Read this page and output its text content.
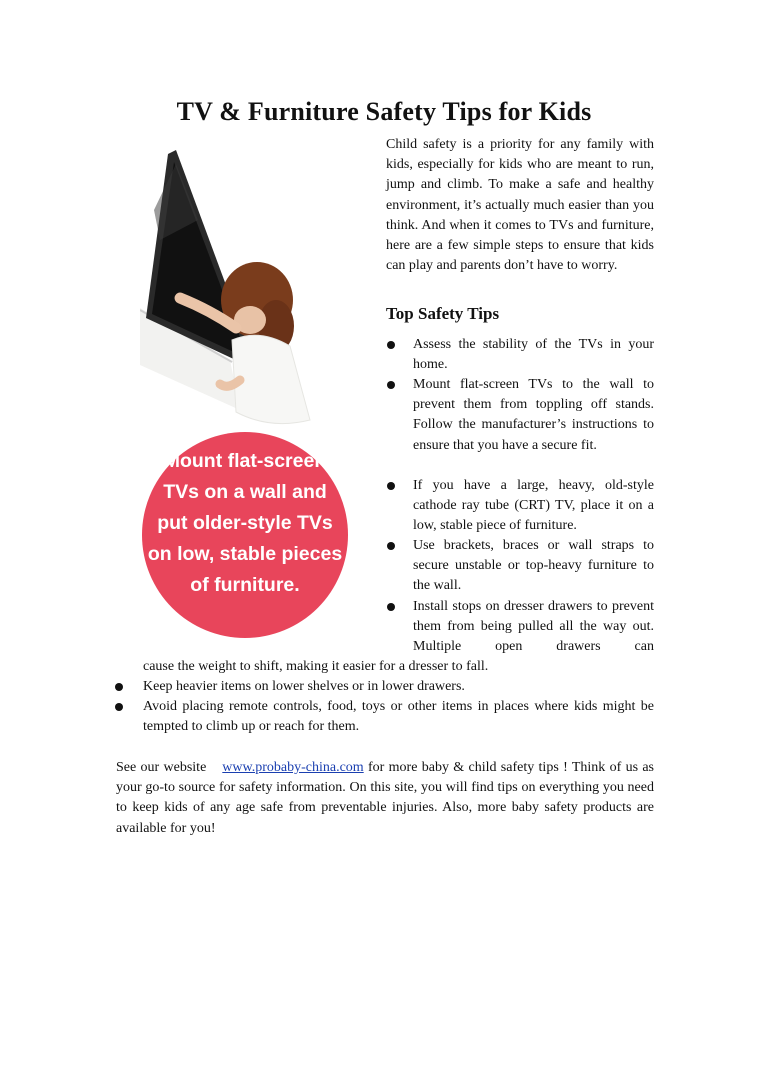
TV & Furniture Safety Tips for Kids
Mount flat-screen
TVs on a wall and
put older-style TVs
on low, stable pieces
of furniture.

Child safety is a priority for any family with kids, especially for kids who are meant to run, jump and climb. To make a safe and healthy environment, it’s actually much easier than you think. And when it comes to TVs and furniture, here are a few simple steps to ensure that kids can play and parents don’t have to worry.

Top Safety Tips
Assess the stability of the TVs in your home.
Mount flat-screen TVs to the wall to prevent them from toppling off stands. Follow the manufacturer’s instructions to ensure that you have a secure fit.
If you have a large, heavy, old-style cathode ray tube (CRT) TV, place it on a low, stable piece of furniture.
Use brackets, braces or wall straps to secure unstable or top-heavy furniture to the wall.
Install stops on dresser drawers to prevent them from being pulled all the way out. Multiple open drawers can
cause the weight to shift, making it easier for a dresser to fall.
Keep heavier items on lower shelves or in lower drawers.
Avoid placing remote controls, food, toys or other items in places where kids might be tempted to climb up or reach for them.

See our website www.probaby-china.com for more baby & child safety tips ! Think of us as your go-to source for safety information. On this site, you will find tips on everything you need to keep kids of any age safe from preventable injuries. Also, more baby safety products are available for you!
